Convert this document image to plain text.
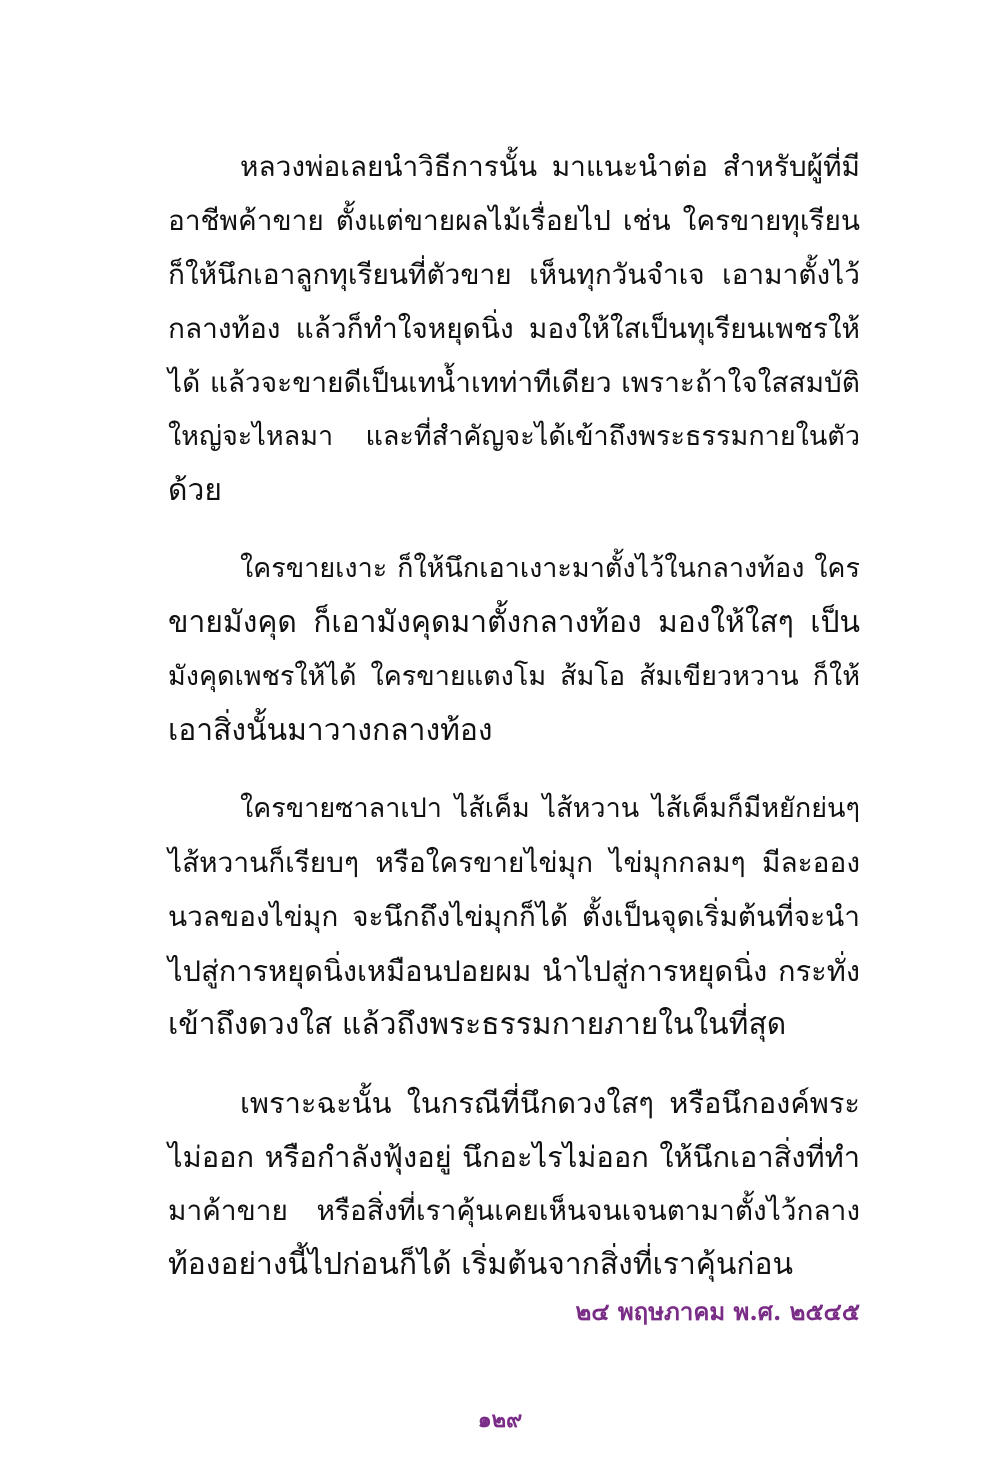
หลวงพ่อเลยนำวิธีการนั้น มาแนะนำต่อ สำหรับผู้ที่มี
อาชีพค้าขาย ตั้งแต่ขายผลไม้เรื่อยไป เช่น ใครขายทุเรียน
ก็ให้นึกเอาลูกทุเรียนที่ตัวขาย เห็นทุกวันจำเจ เอามาตั้งไว้
กลางท้อง แล้วก็ทำใจหยุดนิ่ง มองให้ใสเป็นทุเรียนเพชรให้
ได้ แล้วจะขายดีเป็นเทน้ำเทท่าทีเดียว เพราะถ้าใจใสสมบัติ
ใหญ่จะไหลมา และที่สำคัญจะได้เข้าถึงพระธรรมกายในตัว
ด้วย
ใครขายเงาะ ก็ให้นึกเอาเงาะมาตั้งไว้ในกลางท้อง ใคร
ขายมังคุด ก็เอามังคุดมาตั้งกลางท้อง มองให้ใสๆ เป็น
มังคุดเพชรให้ได้ ใครขายแตงโม ส้มโอ ส้มเขียวหวาน ก็ให้
เอาสิ่งนั้นมาวางกลางท้อง
ใครขายซาลาเปา ไส้เค็ม ไส้หวาน ไส้เค็มก็มีหยักย่นๆ
ไส้หวานก็เรียบๆ หรือใครขายไข่มุก ไข่มุกกลมๆ มีละออง
นวลของไข่มุก จะนึกถึงไข่มุกก็ได้ ตั้งเป็นจุดเริ่มต้นที่จะนำ
ไปสู่การหยุดนิ่งเหมือนปอยผม นำไปสู่การหยุดนิ่ง กระทั่ง
เข้าถึงดวงใส แล้วถึงพระธรรมกายภายในในที่สุด
เพราะฉะนั้น ในกรณีที่นึกดวงใสๆ หรือนึกองค์พระ
ไม่ออก หรือกำลังฟุ้งอยู่ นึกอะไรไม่ออก ให้นึกเอาสิ่งที่ทำ
มาค้าขาย หรือสิ่งที่เราคุ้นเคยเห็นจนเจนตามาตั้งไว้กลาง
ท้องอย่างนี้ไปก่อนก็ได้ เริ่มต้นจากสิ่งที่เราคุ้นก่อน
๒๔ พฤษภาคม พ.ศ. ๒๕๔๕
๑๒๙
